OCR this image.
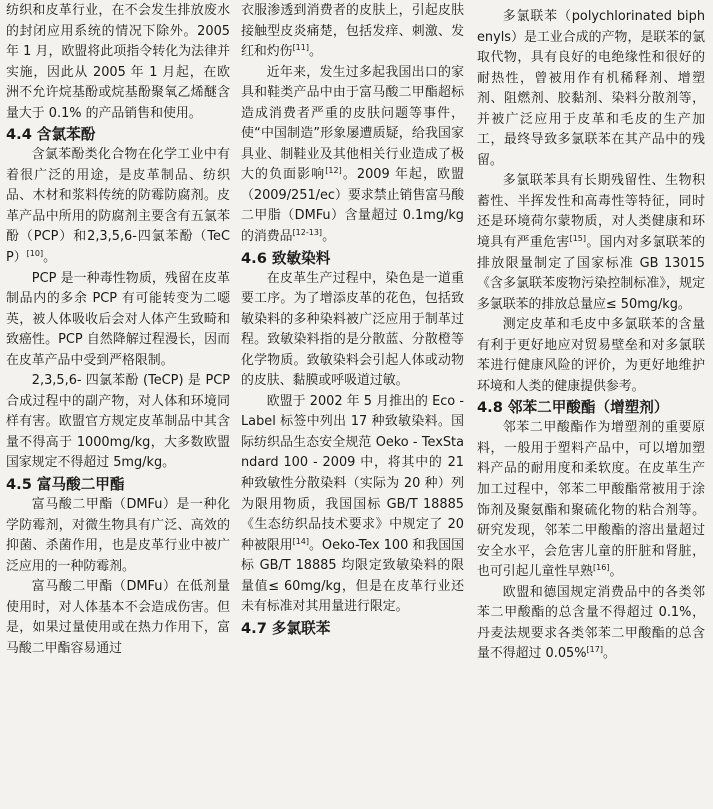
纺织和皮革行业，在不会发生排放废水的封闭应用系统的情况下除外。2005 年 1 月，欧盟将此项指令转化为法律并实施，因此从 2005 年 1 月起，在欧洲不允许烷基酚或烷基酚聚氧乙烯醚含量大于 0.1% 的产品销售和使用。

4.4 含氯苯酚

含氯苯酚类化合物在化学工业中有着很广泛的用途，是皮革制品、纺织品、木材和浆料传统的防霉防腐剂。皮革产品中所用的防腐剂主要含有五氯苯酚（PCP）和2,3,5,6-四氯苯酚（TeCP）[10]。

PCP 是一种毒性物质，残留在皮革制品内的多余 PCP 有可能转变为二噁英，被人体吸收后会对人体产生致畸和致癌性。PCP 自然降解过程漫长，因而在皮革产品中受到严格限制。

2,3,5,6- 四氯苯酚 (TeCP) 是 PCP 合成过程中的副产物，对人体和环境同样有害。欧盟官方规定皮革制品中其含量不得高于 1000mg/kg，大多数欧盟国家规定不得超过 5mg/kg。

4.5 富马酸二甲酯

富马酸二甲酯（DMFu）是一种化学防霉剂，对微生物具有广泛、高效的抑菌、杀菌作用，也是皮革行业中被广泛应用的一种防霉剂。

富马酸二甲酯（DMFu）在低剂量使用时，对人体基本不会造成伤害。但是，如果过量使用或在热力作用下，富马酸二甲酯容易通过

衣服渗透到消费者的皮肤上，引起皮肤接触型皮炎痛楚，包括发痒、刺激、发红和灼伤[11]。

近年来，发生过多起我国出口的家具和鞋类产品中由于富马酸二甲酯超标造成消费者严重的皮肤问题等事件，使“中国制造”形象屡遭质疑，给我国家具业、制鞋业及其他相关行业造成了极大的负面影响[12]。2009 年起，欧盟（2009/251/ec）要求禁止销售富马酸二甲脂（DMFu）含量超过 0.1mg/kg 的消费品[12-13]。

4.6 致敏染料

在皮革生产过程中，染色是一道重要工序。为了增添皮革的花色，包括致敏染料的多种染料被广泛应用于制革过程。致敏染料指的是分散蓝、分散橙等化学物质。致敏染料会引起人体或动物的皮肤、黏膜或呼吸道过敏。

欧盟于 2002 年 5 月推出的 Eco - Label 标签中列出 17 种致敏染料。国际纺织品生态安全规范 Oeko - TexStandard 100 - 2009 中，将其中的 21 种致敏性分散染料（实际为 20 种）列为限用物质，我国国标 GB/T 18885《生态纺织品技术要求》中规定了 20 种被限用[14]。Oeko-Tex 100 和我国国标 GB/T 18885 均限定致敏染料的限量值≤ 60mg/kg，但是在皮革行业还未有标准对其用量进行限定。

4.7 多氯联苯

多氯联苯（polychlorinated biphenyls）是工业合成的产物，是联苯的氯取代物，具有良好的电绝缘性和很好的耐热性，曾被用作有机稀释剂、增塑剂、阻燃剂、胶黏剂、染料分散剂等，并被广泛应用于皮革和毛皮的生产加工，最终导致多氯联苯在其产品中的残留。

多氯联苯具有长期残留性、生物积蓄性、半挥发性和高毒性等特征，同时还是环境荷尔蒙物质，对人类健康和环境具有严重危害[15]。国内对多氯联苯的排放限量制定了国家标准 GB 13015《含多氯联苯废物污染控制标准》，规定多氯联苯的排放总量应≤ 50mg/kg。

测定皮革和毛皮中多氯联苯的含量有利于更好地应对贸易壁垒和对多氯联苯进行健康风险的评价，为更好地维护环境和人类的健康提供参考。

4.8 邻苯二甲酸酯（增塑剂）

邻苯二甲酸酯作为增塑剂的重要原料，一般用于塑料产品中，可以增加塑料产品的耐用度和柔软度。在皮革生产加工过程中，邻苯二甲酸酯常被用于涂饰剂及聚氨酯和聚硫化物的粘合剂等。研究发现，邻苯二甲酸酯的溶出量超过安全水平，会危害儿童的肝脏和肾脏，也可引起儿童性早熟[16]。

欧盟和德国规定消费品中的各类邻苯二甲酸酯的总含量不得超过 0.1%，丹麦法规要求各类邻苯二甲酸酯的总含量不得超过 0.05%[17]。
